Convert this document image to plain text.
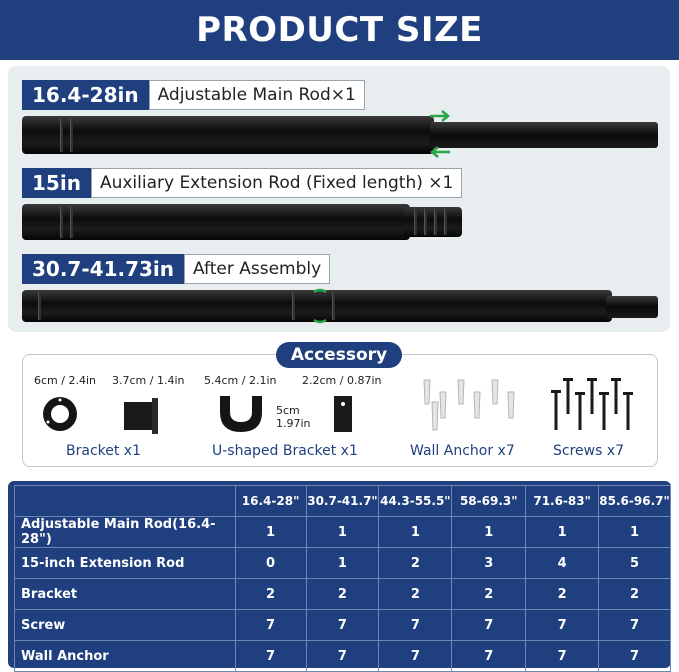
PRODUCT SIZE
16.4-28in	Adjustable Main Rod×1
15in	Auxiliary Extension Rod (Fixed length) ×1
30.7-41.73in	After Assembly
Accessory
6cm / 2.4in 3.7cm / 1.4in 5.4cm / 2.1in 2.2cm / 0.87in
5cm
1.97in
Bracket x1	U-shaped Bracket x1	Wall Anchor x7	Screws x7
	16.4-28"	30.7-41.7"	44.3-55.5"	58-69.3"	71.6-83"	85.6-96.7"
Adjustable Main Rod(16.4-28")	1	1	1	1	1	1
15-inch Extension Rod	0	1	2	3	4	5
Bracket	2	2	2	2	2	2
Screw	7	7	7	7	7	7
Wall Anchor	7	7	7	7	7	7
